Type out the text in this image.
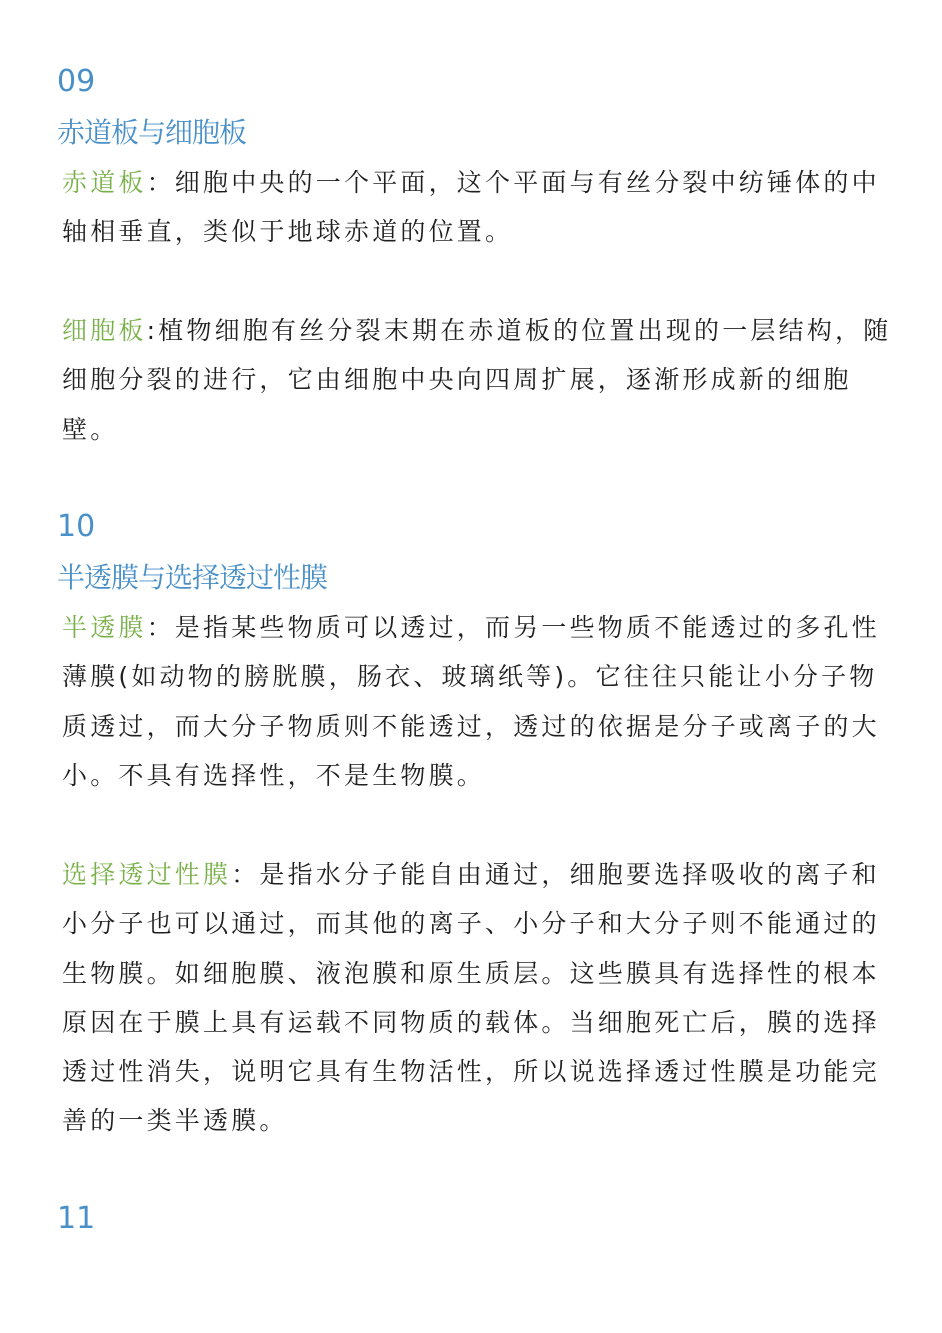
09
赤道板与细胞板

赤道板：细胞中央的一个平面，这个平面与有丝分裂中纺锤体的中轴相垂直，类似于地球赤道的位置。

细胞板:植物细胞有丝分裂末期在赤道板的位置出现的一层结构，随细胞分裂的进行，它由细胞中央向四周扩展，逐渐形成新的细胞壁。

10
半透膜与选择透过性膜

半透膜：是指某些物质可以透过，而另一些物质不能透过的多孔性薄膜(如动物的膀胱膜，肠衣、玻璃纸等)。它往往只能让小分子物质透过，而大分子物质则不能透过，透过的依据是分子或离子的大小。不具有选择性，不是生物膜。

选择透过性膜：是指水分子能自由通过，细胞要选择吸收的离子和小分子也可以通过，而其他的离子、小分子和大分子则不能通过的生物膜。如细胞膜、液泡膜和原生质层。这些膜具有选择性的根本原因在于膜上具有运载不同物质的载体。当细胞死亡后，膜的选择透过性消失，说明它具有生物活性，所以说选择透过性膜是功能完善的一类半透膜。

11
